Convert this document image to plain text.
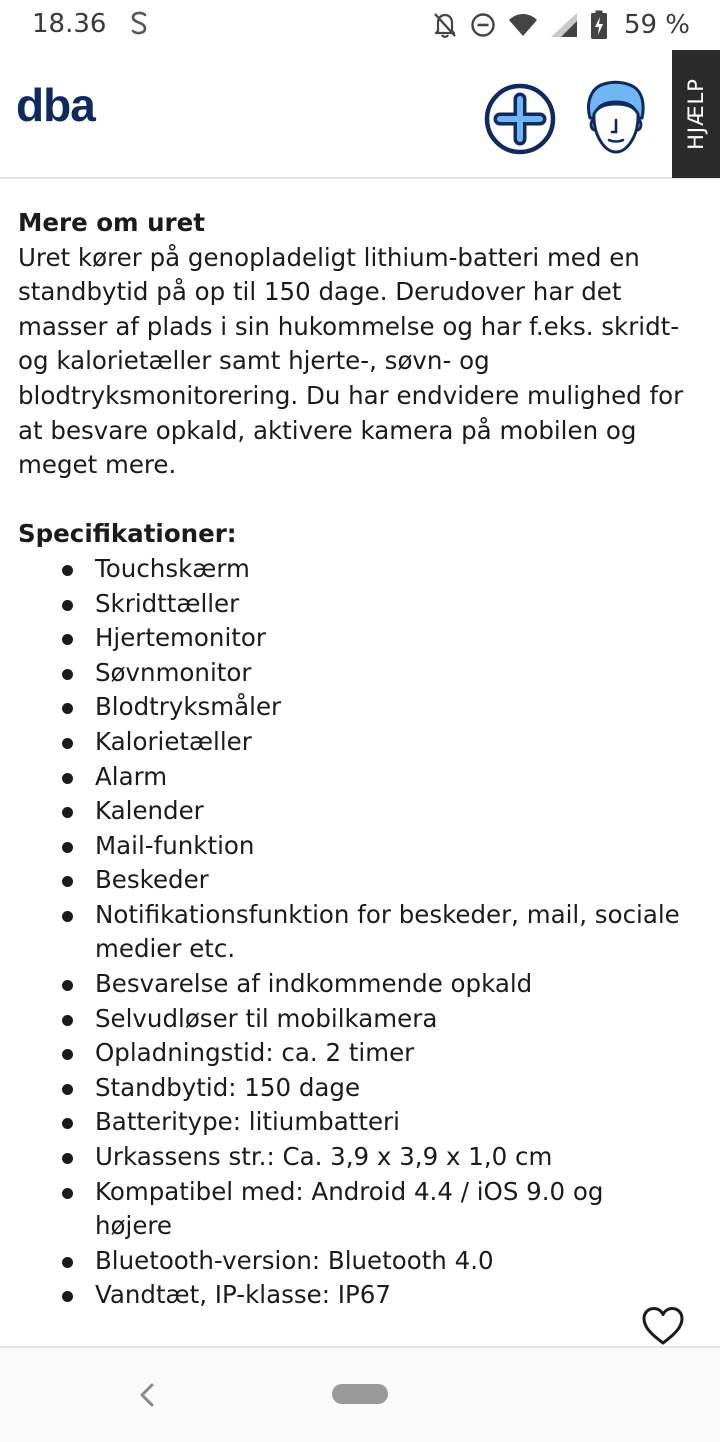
18.36	59 %
dba	HJÆLP
Mere om uret

Uret kører på genopladeligt lithium-batteri med en
standbytid på op til 150 dage. Derudover har det
masser af plads i sin hukommelse og har f.eks. skridt-
og kalorietæller samt hjerte-, søvn- og
blodtryksmonitorering. Du har endvidere mulighed for
at besvare opkald, aktivere kamera på mobilen og
meget mere.

Specifikationer:
Touchskærm
Skridttæller
Hjertemonitor
Søvnmonitor
Blodtryksmåler
Kalorietæller
Alarm
Kalender
Mail-funktion
Beskeder
Notifikationsfunktion for beskeder, mail, sociale medier etc.
Besvarelse af indkommende opkald
Selvudløser til mobilkamera
Opladningstid: ca. 2 timer
Standbytid: 150 dage
Batteritype: litiumbatteri
Urkassens str.: Ca. 3,9 x 3,9 x 1,0 cm
Kompatibel med: Android 4.4 / iOS 9.0 og højere
Bluetooth-version: Bluetooth 4.0
Vandtæt, IP-klasse: IP67
